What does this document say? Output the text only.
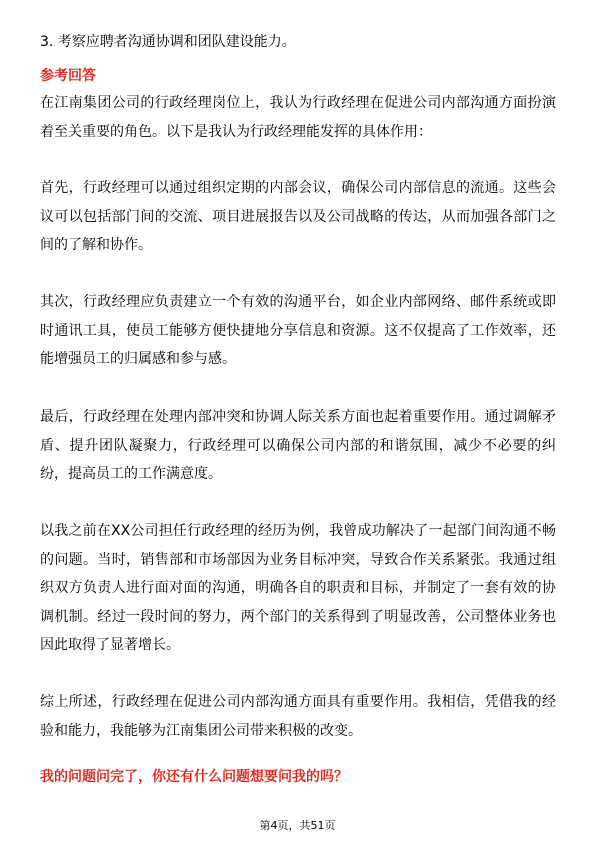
3. 考察应聘者沟通协调和团队建设能力。
参考回答
在江南集团公司的行政经理岗位上，我认为行政经理在促进公司内部沟通方面扮演着至关重要的角色。以下是我认为行政经理能发挥的具体作用：
首先，行政经理可以通过组织定期的内部会议，确保公司内部信息的流通。这些会议可以包括部门间的交流、项目进展报告以及公司战略的传达，从而加强各部门之间的了解和协作。
其次，行政经理应负责建立一个有效的沟通平台，如企业内部网络、邮件系统或即时通讯工具，使员工能够方便快捷地分享信息和资源。这不仅提高了工作效率，还能增强员工的归属感和参与感。
最后，行政经理在处理内部冲突和协调人际关系方面也起着重要作用。通过调解矛盾、提升团队凝聚力，行政经理可以确保公司内部的和谐氛围，减少不必要的纠纷，提高员工的工作满意度。
以我之前在XX公司担任行政经理的经历为例，我曾成功解决了一起部门间沟通不畅的问题。当时，销售部和市场部因为业务目标冲突，导致合作关系紧张。我通过组织双方负责人进行面对面的沟通，明确各自的职责和目标，并制定了一套有效的协调机制。经过一段时间的努力，两个部门的关系得到了明显改善，公司整体业务也因此取得了显著增长。
综上所述，行政经理在促进公司内部沟通方面具有重要作用。我相信，凭借我的经验和能力，我能够为江南集团公司带来积极的改变。
我的问题问完了，你还有什么问题想要问我的吗？
第4页，共51页
